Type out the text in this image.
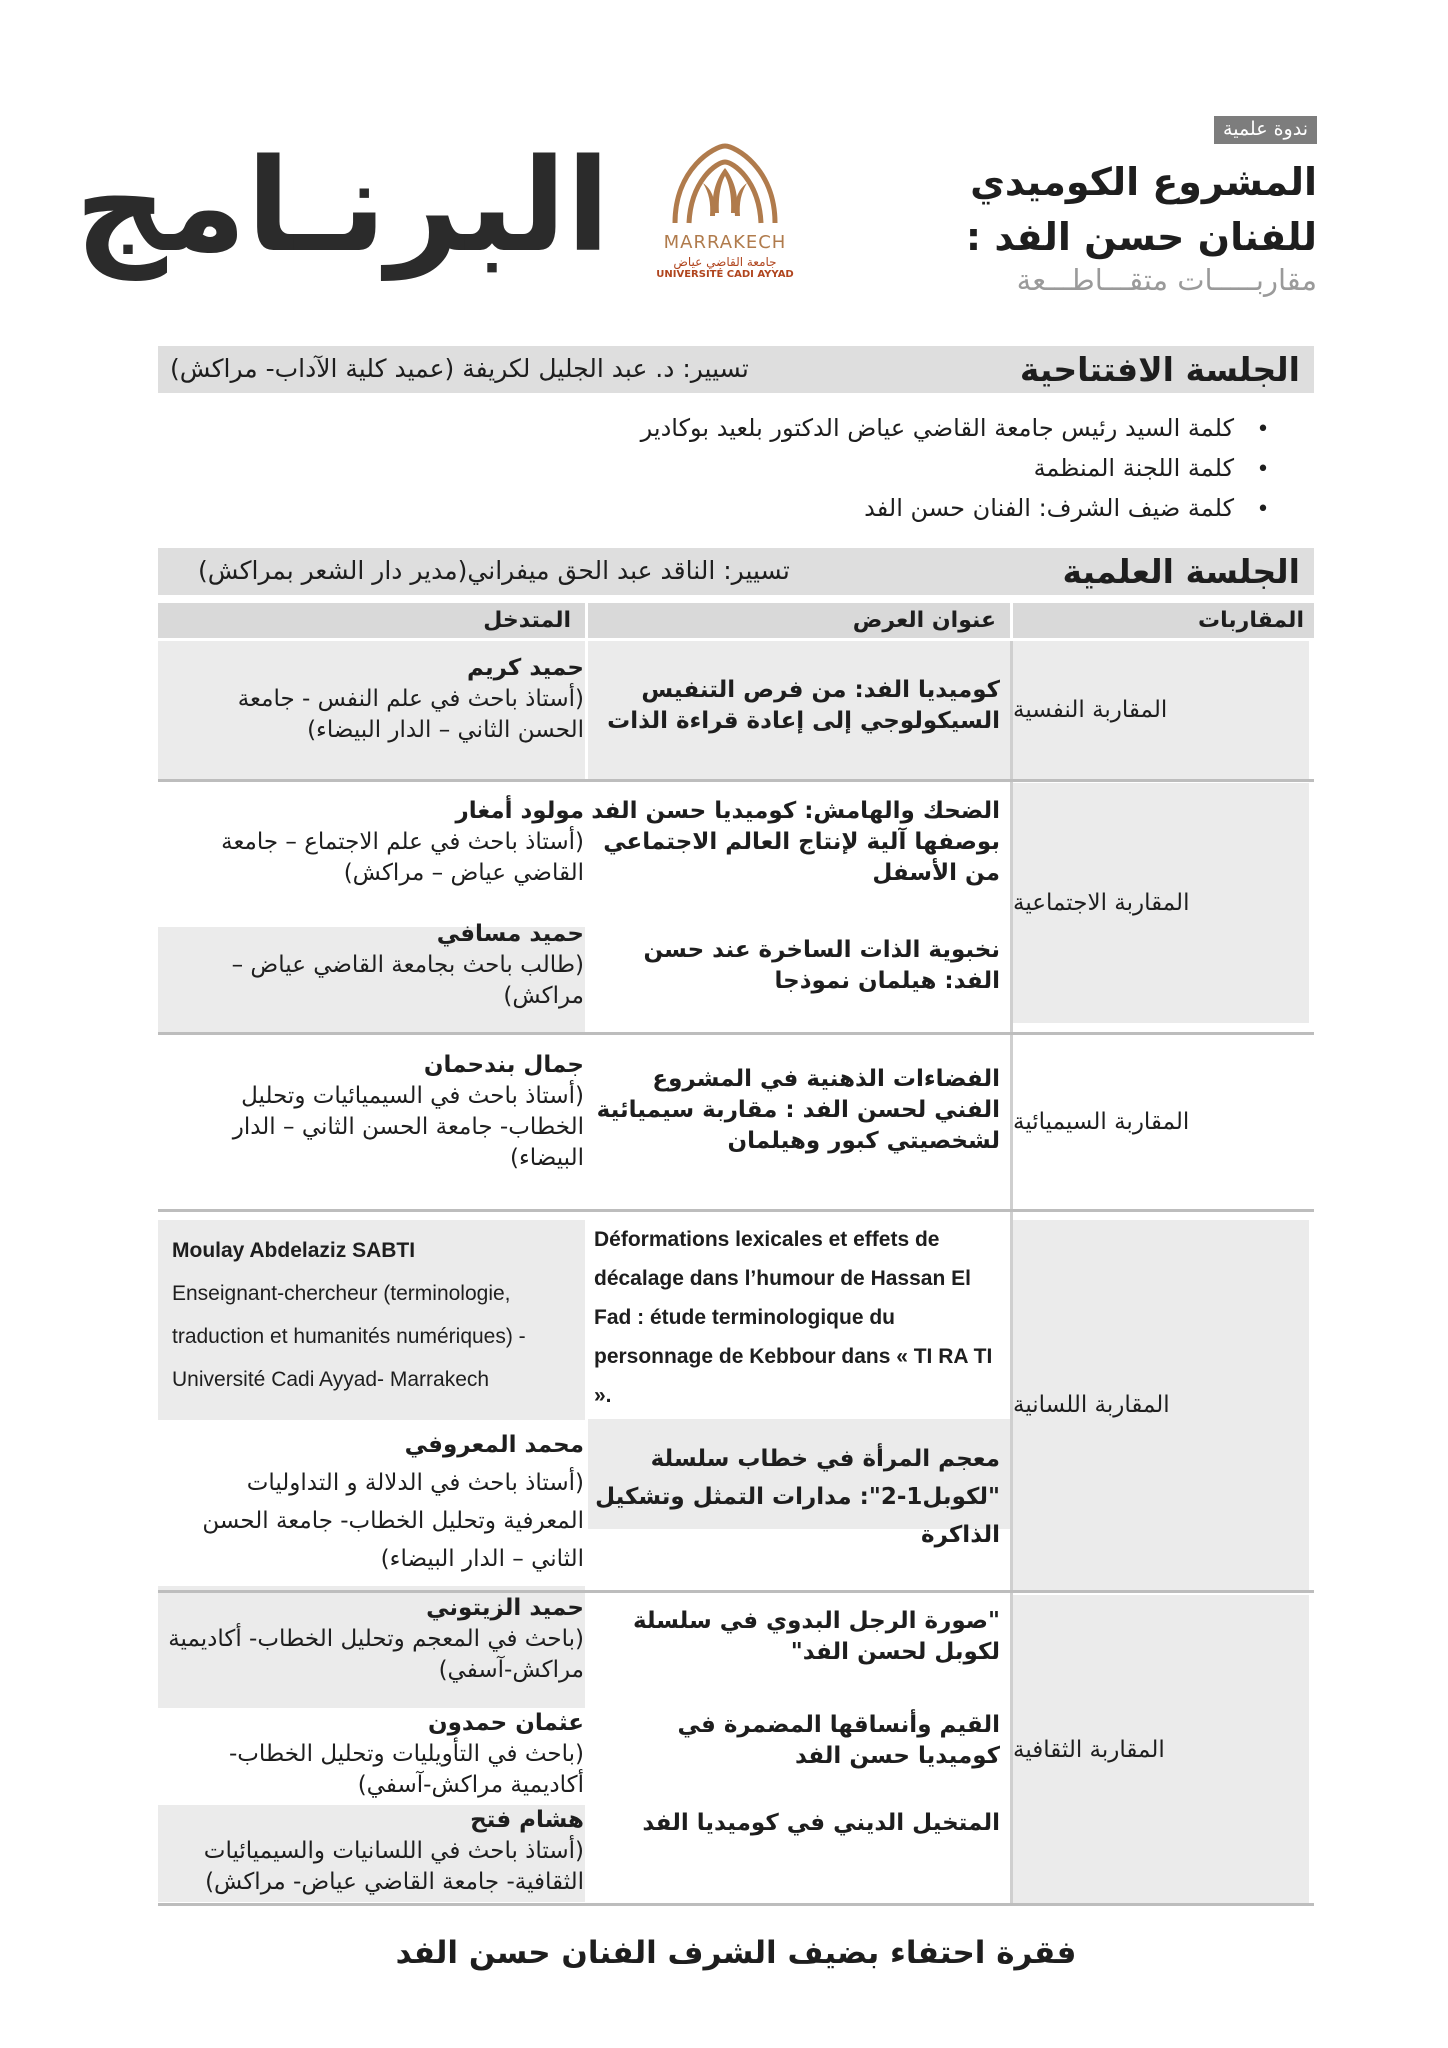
ندوة علمية
المشروع الكوميدي
للفنان حسن الفد :
مقاربـــــات متقـــاطـــعة
MARRAKECH
جامعة القاضي عياض
UNIVERSITÉ CADI AYYAD
البرنـامج
الجلسة الافتتاحية
تسيير: د. عبد الجليل لكريفة (عميد كلية الآداب- مراكش)
• كلمة السيد رئيس جامعة القاضي عياض الدكتور بلعيد بوكادير
• كلمة اللجنة المنظمة
• كلمة ضيف الشرف: الفنان حسن الفد
الجلسة العلمية
تسيير: الناقد عبد الحق ميفراني(مدير دار الشعر بمراكش)
المقاربات
عنوان العرض
المتدخل
المقاربة النفسية
المقاربة الاجتماعية
المقاربة السيميائية
المقاربة اللسانية
المقاربة الثقافية
كوميديا الفد: من فرص التنفيس السيكولوجي إلى إعادة قراءة الذات
حميد كريم
(أستاذ باحث في علم النفس - جامعة الحسن الثاني – الدار البيضاء)
الضحك والهامش: كوميديا حسن الفد بوصفها آلية لإنتاج العالم الاجتماعي من الأسفل
مولود أمغار
(أستاذ باحث في علم الاجتماع – جامعة القاضي عياض – مراكش)
نخبوية الذات الساخرة عند حسن الفد: هيلمان نموذجا
حميد مسافي
(طالب باحث بجامعة القاضي عياض – مراكش)
الفضاءات الذهنية في المشروع الفني لحسن الفد : مقاربة سيميائية لشخصيتي كبور وهيلمان
جمال بندحمان
(أستاذ باحث في السيميائيات وتحليل الخطاب- جامعة الحسن الثاني – الدار البيضاء)
Déformations lexicales et effets de décalage dans l’humour de Hassan El Fad : étude terminologique du personnage de Kebbour dans « TI RA TI ».
Moulay Abdelaziz SABTI
Enseignant-chercheur (terminologie, traduction et humanités numériques) - Université Cadi Ayyad- Marrakech
معجم المرأة في خطاب سلسلة "لكوبل1-2": مدارات التمثل وتشكيل الذاكرة
محمد المعروفي
(أستاذ باحث في الدلالة و التداوليات المعرفية وتحليل الخطاب- جامعة الحسن الثاني – الدار البيضاء)
"صورة الرجل البدوي في سلسلة لكوبل لحسن الفد"
حميد الزيتوني
(باحث في المعجم وتحليل الخطاب- أكاديمية مراكش-آسفي)
القيم وأنساقها المضمرة في كوميديا حسن الفد
عثمان حمدون
(باحث في التأويليات وتحليل الخطاب- أكاديمية مراكش-آسفي)
المتخيل الديني في كوميديا الفد
هشام فتح
(أستاذ باحث في اللسانيات والسيميائيات الثقافية- جامعة القاضي عياض- مراكش)
فقرة احتفاء بضيف الشرف الفنان حسن الفد
